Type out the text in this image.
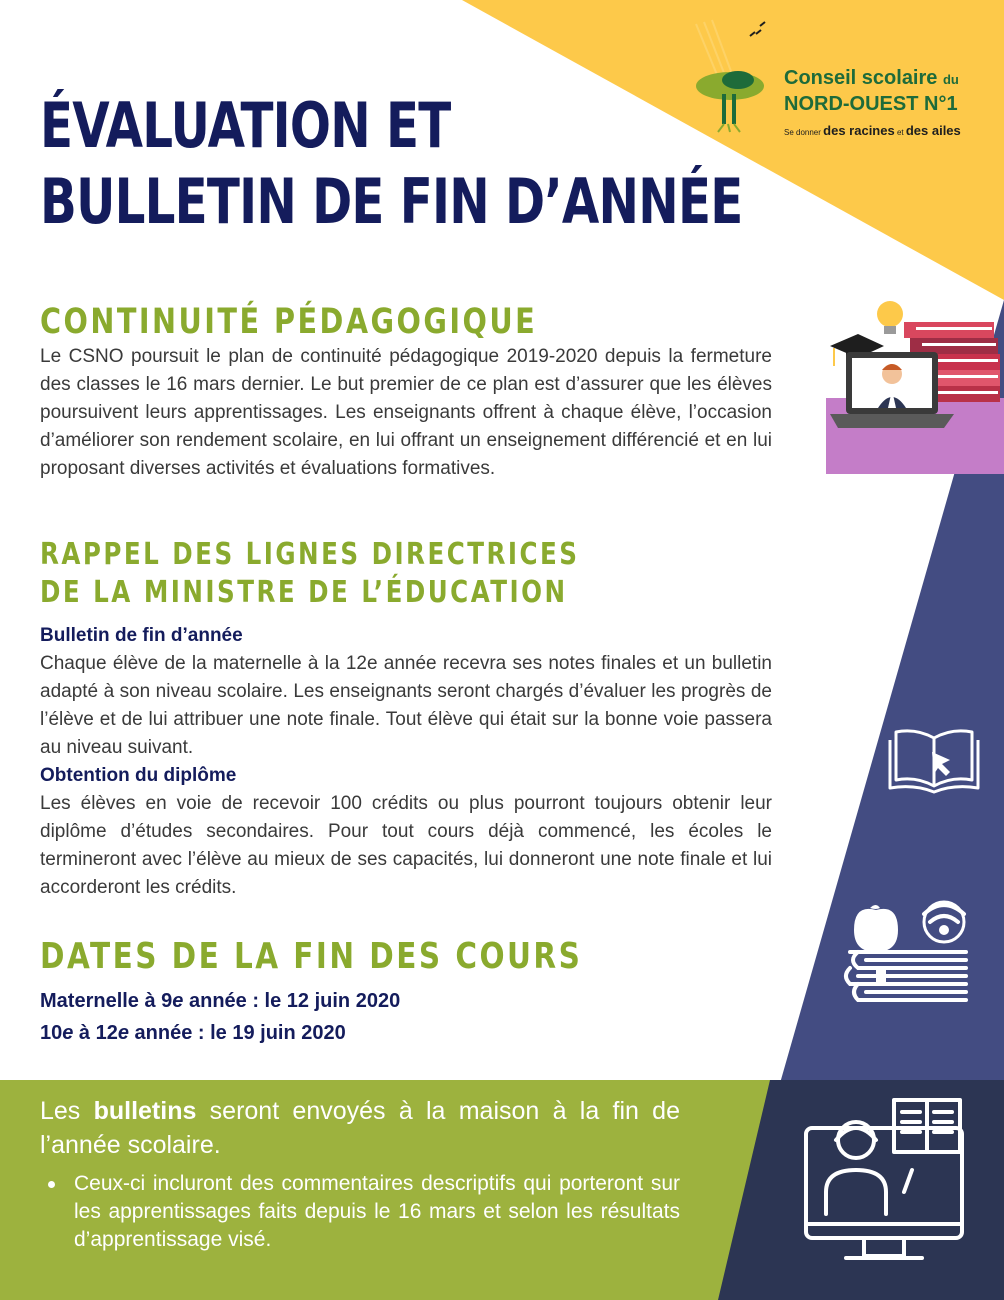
Conseil scolaire du
NORD-OUEST N°1
Se donner des racines et des ailes
ÉVALUATION ET
BULLETIN DE FIN D’ANNÉE
CONTINUITÉ PÉDAGOGIQUE
Le CSNO poursuit le plan de continuité pédagogique 2019-2020 depuis la fermeture des classes le 16 mars dernier. Le but premier de ce plan est d’assurer que les élèves poursuivent leurs apprentissages. Les enseignants offrent à chaque élève, l’occasion d’améliorer son rendement scolaire, en lui offrant un enseignement différencié et en lui proposant diverses activités et évaluations formatives.
RAPPEL DES LIGNES DIRECTRICES
DE LA MINISTRE DE L’ÉDUCATION
Bulletin de fin d’année
Chaque élève de la maternelle à la 12e année recevra ses notes finales et un bulletin adapté à son niveau scolaire. Les enseignants seront chargés d’évaluer les progrès de l’élève et de lui attribuer une note finale. Tout élève qui était sur la bonne voie passera au niveau suivant.
Obtention du diplôme
Les élèves en voie de recevoir 100 crédits ou plus pourront toujours obtenir leur diplôme d’études secondaires. Pour tout cours déjà commencé, les écoles le termineront avec l’élève au mieux de ses capacités, lui donneront une note finale et lui accorderont les crédits.
DATES DE LA FIN DES COURS
Maternelle à 9e année : le 12 juin 2020
10e à 12e année : le 19 juin 2020
Les bulletins seront envoyés à la maison à la fin de l’année scolaire.
Ceux-ci incluront des commentaires descriptifs qui porteront sur les apprentissages faits depuis le 16 mars et selon les résultats d’apprentissage visé.
